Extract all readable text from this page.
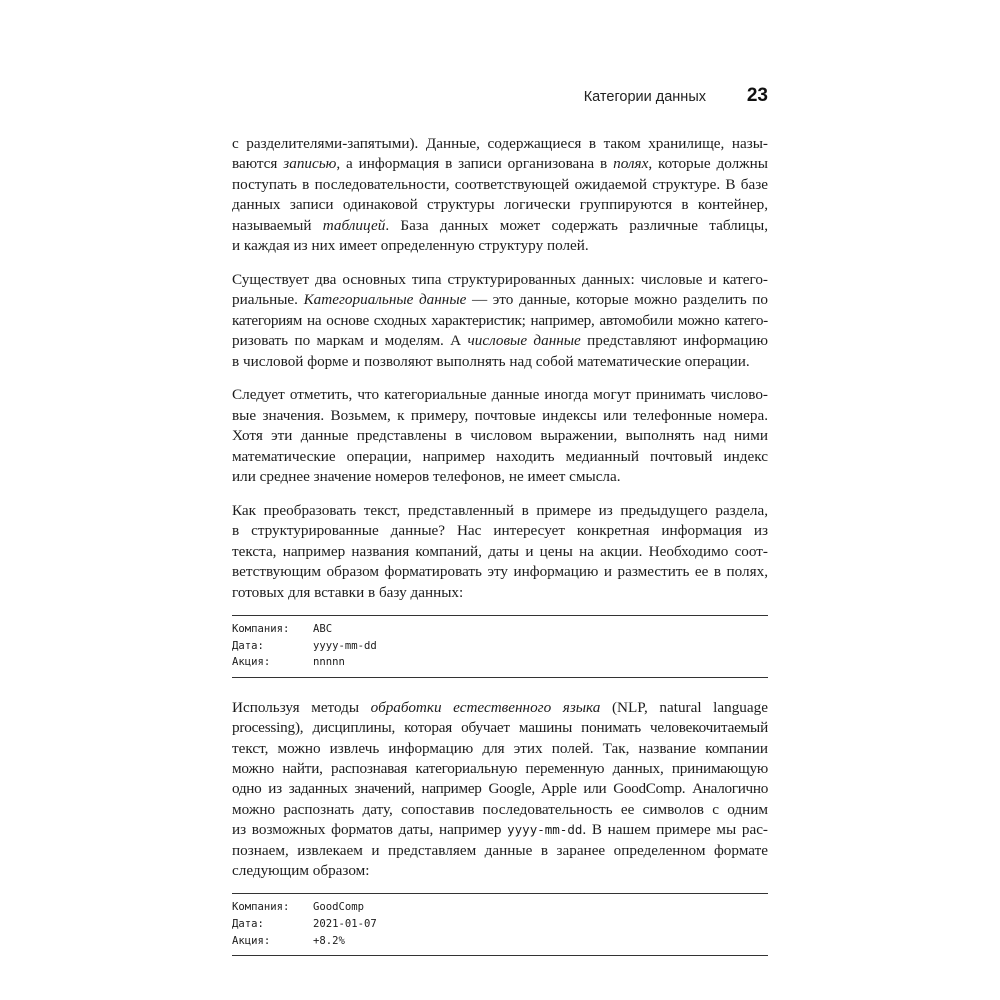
Категории данных 23

с разделителями-запятыми). Данные, содержащиеся в таком хранилище, назы-
ваются записью, а информация в записи организована в полях, которые должны
поступать в последовательности, соответствующей ожидаемой структуре. В базе
данных записи одинаковой структуры логически группируются в контейнер,
называемый таблицей. База данных может содержать различные таблицы,
и каждая из них имеет определенную структуру полей.

Существует два основных типа структурированных данных: числовые и катего-
риальные. Категориальные данные — это данные, которые можно разделить по
категориям на основе сходных характеристик; например, автомобили можно катего-
ризовать по маркам и моделям. А числовые данные представляют информацию
в числовой форме и позволяют выполнять над собой математические операции.

Следует отметить, что категориальные данные иногда могут принимать числово-
вые значения. Возьмем, к примеру, почтовые индексы или телефонные номера.
Хотя эти данные представлены в числовом выражении, выполнять над ними
математические операции, например находить медианный почтовый индекс
или среднее значение номеров телефонов, не имеет смысла.

Как преобразовать текст, представленный в примере из предыдущего раздела,
в структурированные данные? Нас интересует конкретная информация из
текста, например названия компаний, даты и цены на акции. Необходимо соот-
ветствующим образом форматировать эту информацию и разместить ее в полях,
готовых для вставки в базу данных:

Компания:	ABC
Дата:	yyyy-mm-dd
Акция:	nnnnn

Используя методы обработки естественного языка (NLP, natural language
processing), дисциплины, которая обучает машины понимать человекочитаемый
текст, можно извлечь информацию для этих полей. Так, название компании
можно найти, распознавая категориальную переменную данных, принимающую
одно из заданных значений, например Google, Apple или GoodComp. Аналогично
можно распознать дату, сопоставив последовательность ее символов с одним
из возможных форматов даты, например yyyy-mm-dd. В нашем примере мы рас-
познаем, извлекаем и представляем данные в заранее определенном формате
следующим образом:

Компания:	GoodComp
Дата:	2021-01-07
Акция:	+8.2%
